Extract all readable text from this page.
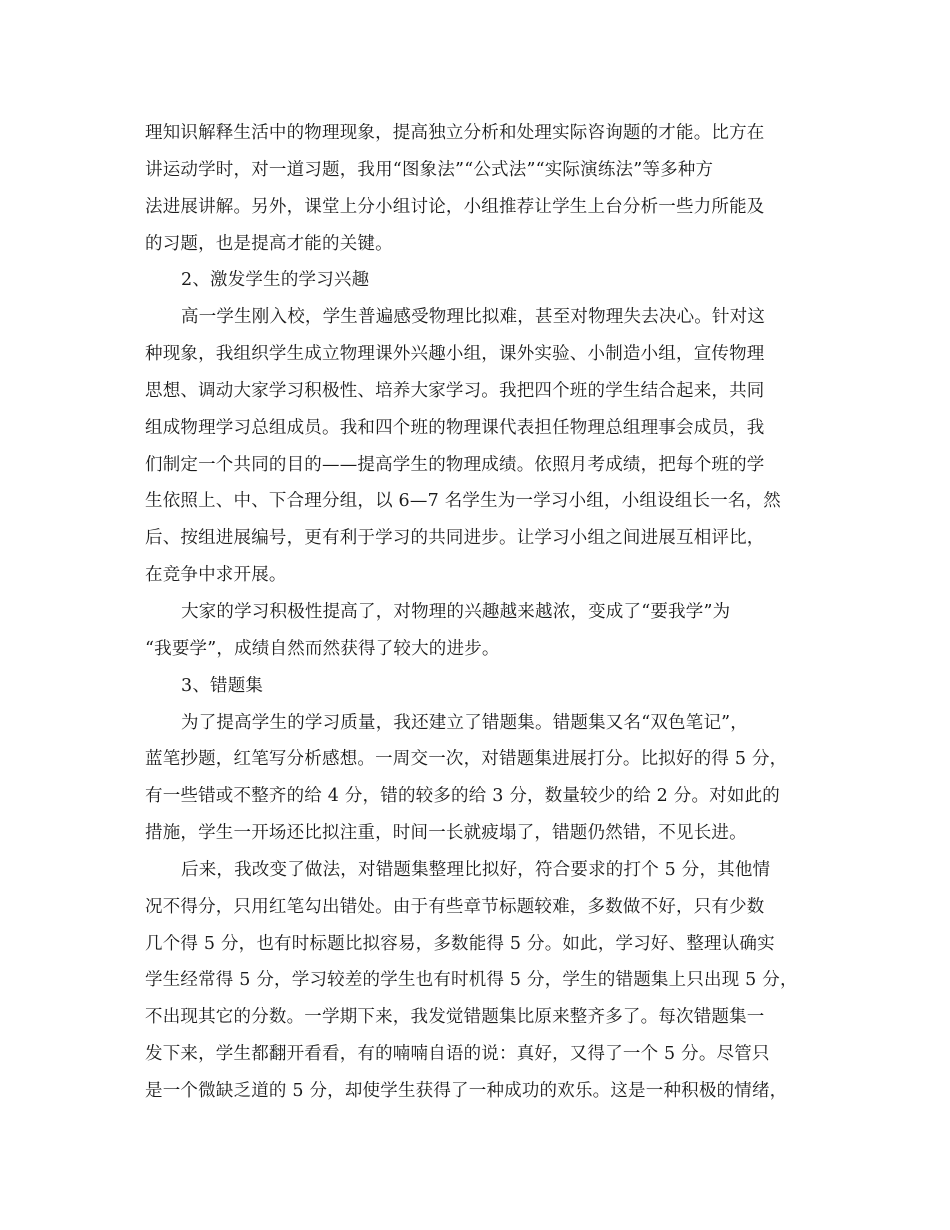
理知识解释生活中的物理现象，提高独立分析和处理实际咨询题的才能。比方在
讲运动学时，对一道习题，我用“图象法”“公式法”“实际演练法”等多种方
法进展讲解。另外，课堂上分小组讨论，小组推荐让学生上台分析一些力所能及
的习题，也是提高才能的关键。
2、激发学生的学习兴趣
高一学生刚入校，学生普遍感受物理比拟难，甚至对物理失去决心。针对这
种现象，我组织学生成立物理课外兴趣小组，课外实验、小制造小组，宣传物理
思想、调动大家学习积极性、培养大家学习。我把四个班的学生结合起来，共同
组成物理学习总组成员。我和四个班的物理课代表担任物理总组理事会成员，我
们制定一个共同的目的——提高学生的物理成绩。依照月考成绩，把每个班的学
生依照上、中、下合理分组，以 6—7 名学生为一学习小组，小组设组长一名，然
后、按组进展编号，更有利于学习的共同进步。让学习小组之间进展互相评比，
在竞争中求开展。
大家的学习积极性提高了，对物理的兴趣越来越浓，变成了“要我学”为
“我要学”，成绩自然而然获得了较大的进步。
3、错题集
为了提高学生的学习质量，我还建立了错题集。错题集又名“双色笔记”，
蓝笔抄题，红笔写分析感想。一周交一次，对错题集进展打分。比拟好的得 5 分，
有一些错或不整齐的给 4 分，错的较多的给 3 分，数量较少的给 2 分。对如此的
措施，学生一开场还比拟注重，时间一长就疲塌了，错题仍然错，不见长进。
后来，我改变了做法，对错题集整理比拟好，符合要求的打个 5 分，其他情
况不得分，只用红笔勾出错处。由于有些章节标题较难，多数做不好，只有少数
几个得 5 分，也有时标题比拟容易，多数能得 5 分。如此，学习好、整理认确实
学生经常得 5 分，学习较差的学生也有时机得 5 分，学生的错题集上只出现 5 分，
不出现其它的分数。一学期下来，我发觉错题集比原来整齐多了。每次错题集一
发下来，学生都翻开看看，有的喃喃自语的说：真好，又得了一个 5 分。尽管只
是一个微缺乏道的 5 分，却使学生获得了一种成功的欢乐。这是一种积极的情绪，
